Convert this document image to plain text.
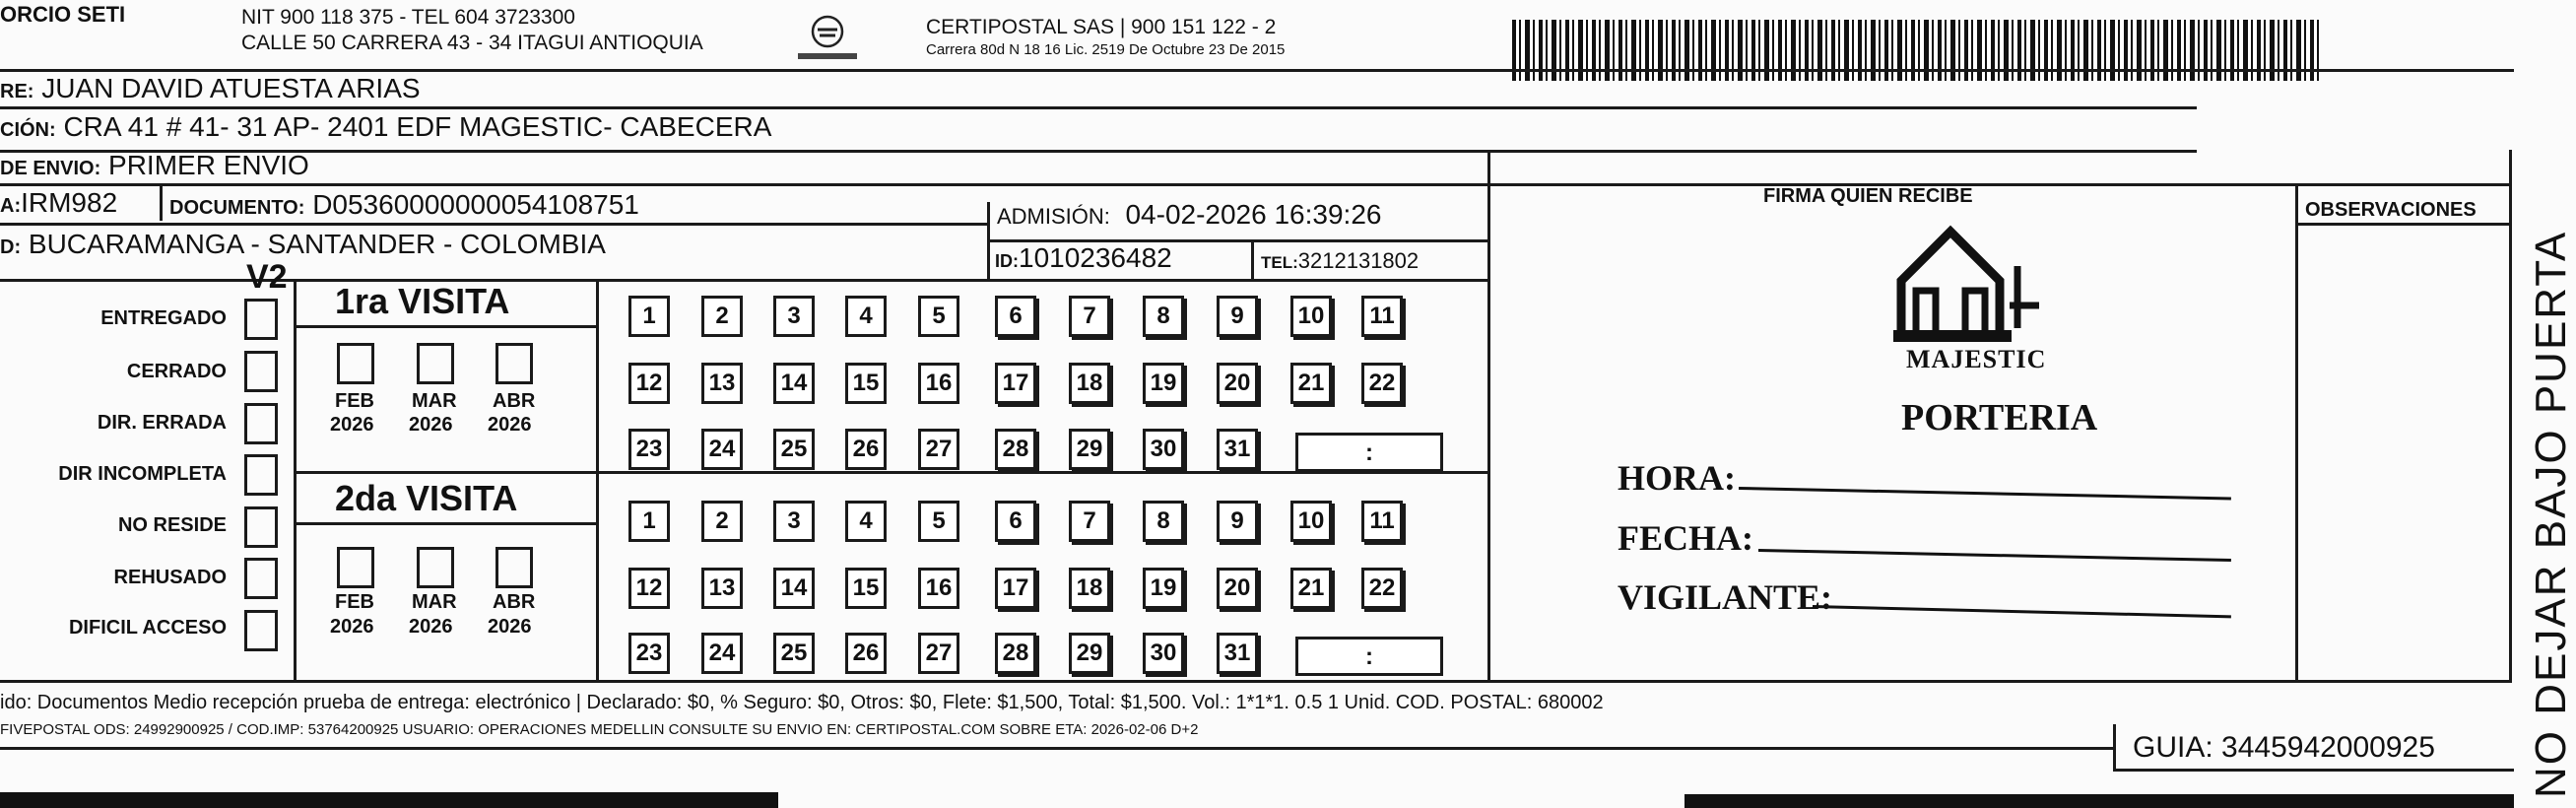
ORCIO SETI	NIT 900 118 375 - TEL 604 3723300
CALLE 50 CARRERA 43 - 34 ITAGUI ANTIOQUIA
CERTIPOSTAL SAS | 900 151 122 - 2
Carrera 80d N 18 16 Lic. 2519 De Octubre 23 De 2015
RE: JUAN DAVID ATUESTA ARIAS
CIÓN: CRA 41 # 41- 31 AP- 2401 EDF MAGESTIC- CABECERA
DE ENVIO: PRIMER ENVIO
A:IRM982	DOCUMENTO: D05360000000054108751	ADMISIÓN: 04-02-2026 16:39:26
D: BUCARAMANGA - SANTANDER - COLOMBIA
ID:1010236482	TEL:3212131802
V2
ENTREGADO
CERRADO
DIR. ERRADA
DIR INCOMPLETA
NO RESIDE
REHUSADO
DIFICIL ACCESO
1ra VISITA
FEB MAR ABR
2026 2026 2026
2da VISITA
FEB MAR ABR
2026 2026 2026
1	2	3	4	5	6	7	8	9	10	11
12	13	14	15	16	17	18	19	20	21	22
23	24	25	26	27	28	29	30	31	:
1	2	3	4	5	6	7	8	9	10	11
12	13	14	15	16	17	18	19	20	21	22
23	24	25	26	27	28	29	30	31	:
FIRMA QUIEN RECIBE
OBSERVACIONES
MAJESTIC
PORTERIA
HORA:
FECHA:
VIGILANTE:	NO DEJAR BAJO PUERTA
ido: Documentos Medio recepción prueba de entrega: electrónico | Declarado: $0, % Seguro: $0, Otros: $0, Flete: $1,500, Total: $1,500. Vol.: 1*1*1. 0.5 1 Unid. COD. POSTAL: 680002
FIVEPOSTAL ODS: 24992900925 / COD.IMP: 53764200925 USUARIO: OPERACIONES MEDELLIN CONSULTE SU ENVIO EN: CERTIPOSTAL.COM SOBRE ETA: 2026-02-06 D+2
GUIA: 3445942000925
